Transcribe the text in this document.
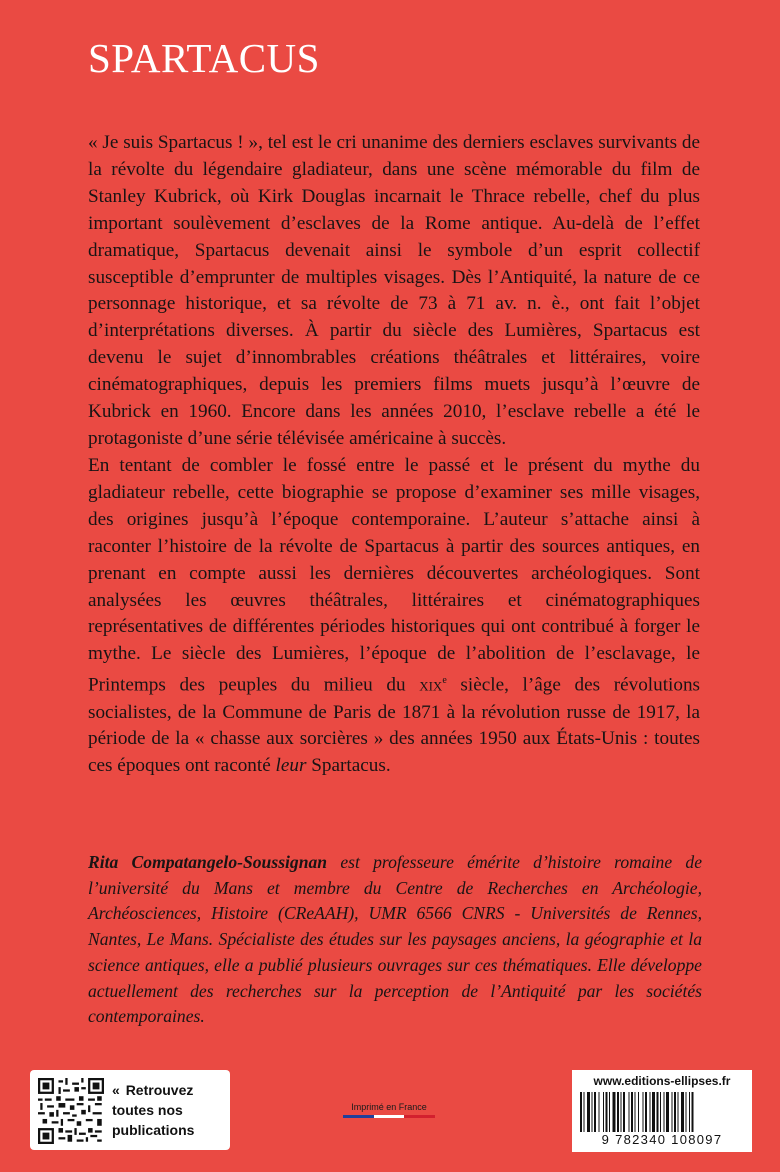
SPARTACUS

« Je suis Spartacus ! », tel est le cri unanime des derniers esclaves survivants de la révolte du légendaire gladiateur, dans une scène mémorable du film de Stanley Kubrick, où Kirk Douglas incarnait le Thrace rebelle, chef du plus important soulèvement d’esclaves de la Rome antique. Au-delà de l’effet dramatique, Spartacus devenait ainsi le symbole d’un esprit collectif susceptible d’emprunter de multiples visages. Dès l’Antiquité, la nature de ce personnage historique, et sa révolte de 73 à 71 av. n. è., ont fait l’objet d’interprétations diverses. À partir du siècle des Lumières, Spartacus est devenu le sujet d’innombrables créations théâtrales et littéraires, voire cinématographiques, depuis les premiers films muets jusqu’à l’œuvre de Kubrick en 1960. Encore dans les années 2010, l’esclave rebelle a été le protagoniste d’une série télévisée américaine à succès.

En tentant de combler le fossé entre le passé et le présent du mythe du gladiateur rebelle, cette biographie se propose d’examiner ses mille visages, des origines jusqu’à l’époque contemporaine. L’auteur s’attache ainsi à raconter l’histoire de la révolte de Spartacus à partir des sources antiques, en prenant en compte aussi les dernières découvertes archéologiques. Sont analysées les œuvres théâtrales, littéraires et cinématographiques représentatives de différentes périodes historiques qui ont contribué à forger le mythe. Le siècle des Lumières, l’époque de l’abolition de l’esclavage, le Printemps des peuples du milieu du xix$^e$ siècle, l’âge des révolutions socialistes, de la Commune de Paris de 1871 à la révolution russe de 1917, la période de la « chasse aux sorcières » des années 1950 aux États-Unis : toutes ces époques ont raconté leur Spartacus.

Rita Compatangelo-Soussignan est professeure émérite d’histoire romaine de l’université du Mans et membre du Centre de Recherches en Archéologie, Archéosciences, Histoire (CReAAH), UMR 6566 CNRS - Universités de Rennes, Nantes, Le Mans. Spécialiste des études sur les paysages anciens, la géographie et la science antiques, elle a publié plusieurs ouvrages sur ces thématiques. Elle développe actuellement des recherches sur la perception de l’Antiquité par les sociétés contemporaines.

« Retrouvez toutes nos publications
Imprimé en France
www.editions-ellipses.fr
9 782340 108097
